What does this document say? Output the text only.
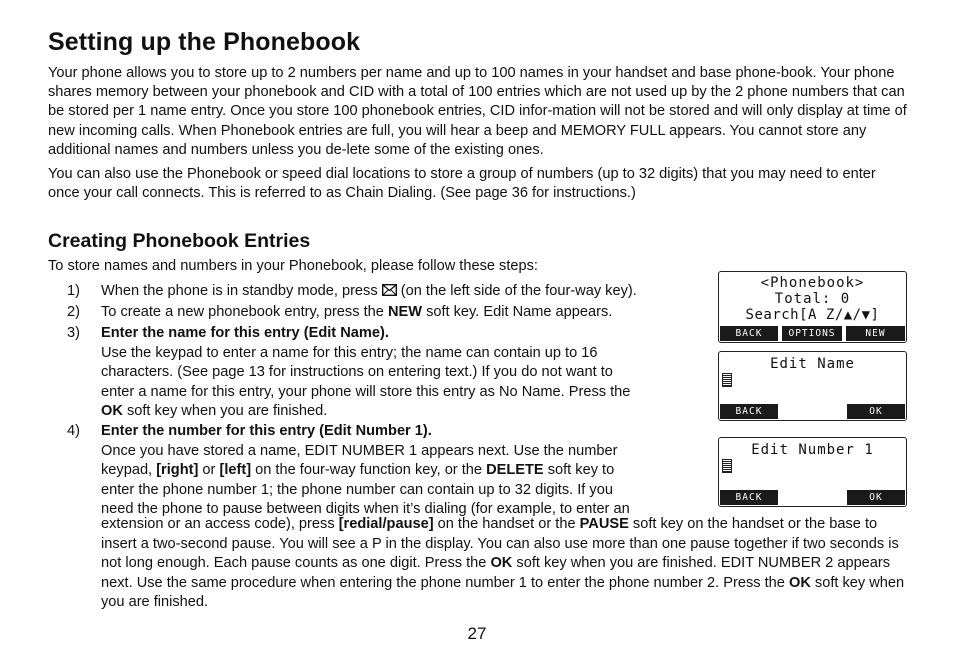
Setting up the Phonebook

Your phone allows you to store up to 2 numbers per name and up to 100 names in your handset and base phone-book. Your phone shares memory between your phonebook and CID with a total of 100 entries which are not used up by the 2 phone numbers that can be stored per 1 name entry. Once you store 100 phonebook entries, CID infor-mation will not be stored and will only display at time of new incoming calls. When Phonebook entries are full, you will hear a beep and MEMORY FULL appears. You cannot store any additional names and numbers unless you de-lete some of the existing ones.

You can also use the Phonebook or speed dial locations to store a group of numbers (up to 32 digits) that you may need to enter once your call connects. This is referred to as Chain Dialing. (See page 36 for instructions.)

Creating Phonebook Entries

To store names and numbers in your Phonebook, please follow these steps:

1) When the phone is in standby mode, press (on the left side of the four-way key).
2) To create a new phonebook entry, press the NEW soft key. Edit Name appears.
3) Enter the name for this entry (Edit Name).
Use the keypad to enter a name for this entry; the name can contain up to 16
characters. (See page 13 for instructions on entering text.) If you do not want to
enter a name for this entry, your phone will store this entry as No Name. Press the
OK soft key when you are finished.
4) Enter the number for this entry (Edit Number 1).
Once you have stored a name, EDIT NUMBER 1 appears next. Use the number
keypad, [right] or [left] on the four-way function key, or the DELETE soft key to
enter the phone number 1; the phone number can contain up to 32 digits. If you
need the phone to pause between digits when it’s dialing (for example, to enter an

extension or an access code), press [redial/pause] on the handset or the PAUSE soft key on the handset or the base to insert a two-second pause. You will see a P in the display. You can also use more than one pause together if two seconds is not long enough. Each pause counts as one digit. Press the OK soft key when you are finished. EDIT NUMBER 2 appears next. Use the same procedure when entering the phone number 1 to enter the phone number 2. Press the OK soft key when you are finished.

<Phonebook>
Total: 0
Search[A Z/▲/▼]
BACK	OPTIONS	NEW
Edit Name
BACK	OK
Edit Number 1
BACK	OK
27
